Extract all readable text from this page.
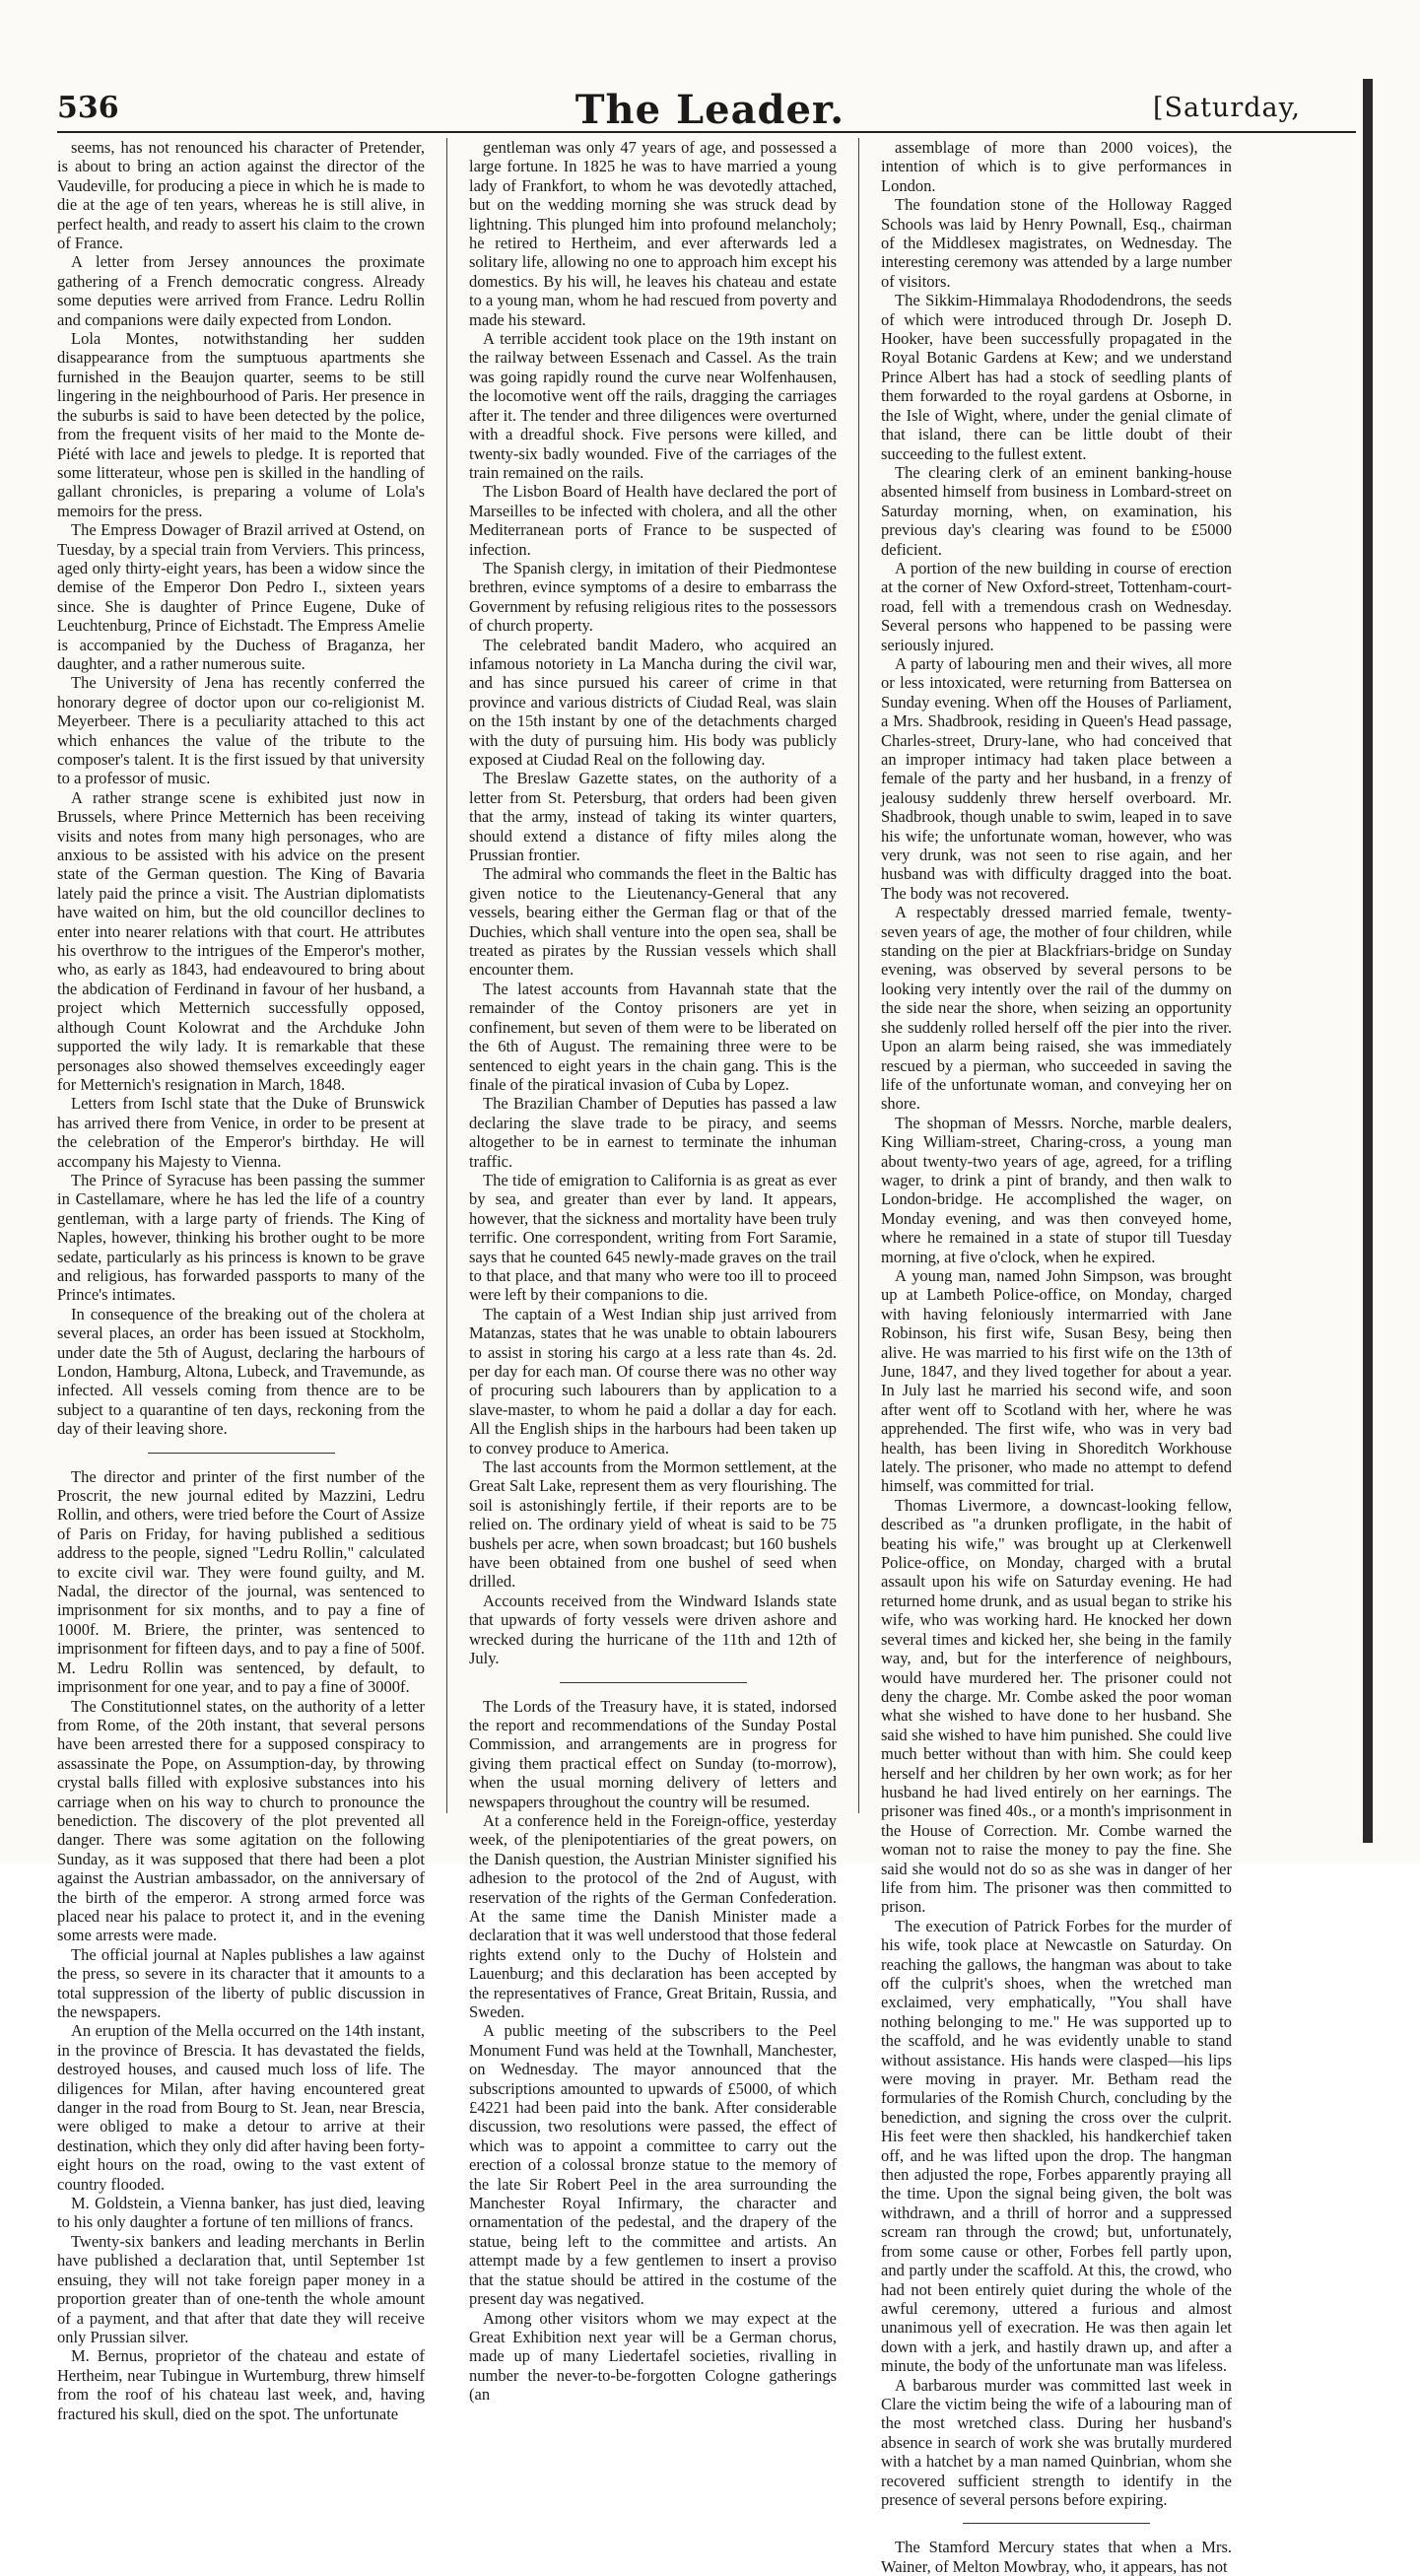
536	The Leader.	[Saturday,

seems, has not renounced his character of Pretender, is about to bring an action against the director of the Vaudeville, for producing a piece in which he is made to die at the age of ten years, whereas he is still alive, in perfect health, and ready to assert his claim to the crown of France.

A letter from Jersey announces the proximate gathering of a French democratic congress. Already some deputies were arrived from France. Ledru Rollin and companions were daily expected from London.

Lola Montes, notwithstanding her sudden disappearance from the sumptuous apartments she furnished in the Beaujon quarter, seems to be still lingering in the neighbourhood of Paris. Her presence in the suburbs is said to have been detected by the police, from the frequent visits of her maid to the Monte de-Piété with lace and jewels to pledge. It is reported that some litterateur, whose pen is skilled in the handling of gallant chronicles, is preparing a volume of Lola's memoirs for the press.

The Empress Dowager of Brazil arrived at Ostend, on Tuesday, by a special train from Verviers. This princess, aged only thirty-eight years, has been a widow since the demise of the Emperor Don Pedro I., sixteen years since. She is daughter of Prince Eugene, Duke of Leuchtenburg, Prince of Eichstadt. The Empress Amelie is accompanied by the Duchess of Braganza, her daughter, and a rather numerous suite.

The University of Jena has recently conferred the honorary degree of doctor upon our co-religionist M. Meyerbeer. There is a peculiarity attached to this act which enhances the value of the tribute to the composer's talent. It is the first issued by that university to a professor of music.

A rather strange scene is exhibited just now in Brussels, where Prince Metternich has been receiving visits and notes from many high personages, who are anxious to be assisted with his advice on the present state of the German question. The King of Bavaria lately paid the prince a visit. The Austrian diplomatists have waited on him, but the old councillor declines to enter into nearer relations with that court. He attributes his overthrow to the intrigues of the Emperor's mother, who, as early as 1843, had endeavoured to bring about the abdication of Ferdinand in favour of her husband, a project which Metternich successfully opposed, although Count Kolowrat and the Archduke John supported the wily lady. It is remarkable that these personages also showed themselves exceedingly eager for Metternich's resignation in March, 1848.

Letters from Ischl state that the Duke of Brunswick has arrived there from Venice, in order to be present at the celebration of the Emperor's birthday. He will accompany his Majesty to Vienna.

The Prince of Syracuse has been passing the summer in Castellamare, where he has led the life of a country gentleman, with a large party of friends. The King of Naples, however, thinking his brother ought to be more sedate, particularly as his princess is known to be grave and religious, has forwarded passports to many of the Prince's intimates.

In consequence of the breaking out of the cholera at several places, an order has been issued at Stockholm, under date the 5th of August, declaring the harbours of London, Hamburg, Altona, Lubeck, and Travemunde, as infected. All vessels coming from thence are to be subject to a quarantine of ten days, reckoning from the day of their leaving shore.

The director and printer of the first number of the Proscrit, the new journal edited by Mazzini, Ledru Rollin, and others, were tried before the Court of Assize of Paris on Friday, for having published a seditious address to the people, signed "Ledru Rollin," calculated to excite civil war. They were found guilty, and M. Nadal, the director of the journal, was sentenced to imprisonment for six months, and to pay a fine of 1000f. M. Briere, the printer, was sentenced to imprisonment for fifteen days, and to pay a fine of 500f. M. Ledru Rollin was sentenced, by default, to imprisonment for one year, and to pay a fine of 3000f.

The Constitutionnel states, on the authority of a letter from Rome, of the 20th instant, that several persons have been arrested there for a supposed conspiracy to assassinate the Pope, on Assumption-day, by throwing crystal balls filled with explosive substances into his carriage when on his way to church to pronounce the benediction. The discovery of the plot prevented all danger. There was some agitation on the following Sunday, as it was supposed that there had been a plot against the Austrian ambassador, on the anniversary of the birth of the emperor. A strong armed force was placed near his palace to protect it, and in the evening some arrests were made.

The official journal at Naples publishes a law against the press, so severe in its character that it amounts to a total suppression of the liberty of public discussion in the newspapers.

An eruption of the Mella occurred on the 14th instant, in the province of Brescia. It has devastated the fields, destroyed houses, and caused much loss of life. The diligences for Milan, after having encountered great danger in the road from Bourg to St. Jean, near Brescia, were obliged to make a detour to arrive at their destination, which they only did after having been forty-eight hours on the road, owing to the vast extent of country flooded.

M. Goldstein, a Vienna banker, has just died, leaving to his only daughter a fortune of ten millions of francs.

Twenty-six bankers and leading merchants in Berlin have published a declaration that, until September 1st ensuing, they will not take foreign paper money in a proportion greater than of one-tenth the whole amount of a payment, and that after that date they will receive only Prussian silver.

M. Bernus, proprietor of the chateau and estate of Hertheim, near Tubingue in Wurtemburg, threw himself from the roof of his chateau last week, and, having fractured his skull, died on the spot. The unfortunate

gentleman was only 47 years of age, and possessed a large fortune. In 1825 he was to have married a young lady of Frankfort, to whom he was devotedly attached, but on the wedding morning she was struck dead by lightning. This plunged him into profound melancholy; he retired to Hertheim, and ever afterwards led a solitary life, allowing no one to approach him except his domestics. By his will, he leaves his chateau and estate to a young man, whom he had rescued from poverty and made his steward.

A terrible accident took place on the 19th instant on the railway between Essenach and Cassel. As the train was going rapidly round the curve near Wolfenhausen, the locomotive went off the rails, dragging the carriages after it. The tender and three diligences were overturned with a dreadful shock. Five persons were killed, and twenty-six badly wounded. Five of the carriages of the train remained on the rails.

The Lisbon Board of Health have declared the port of Marseilles to be infected with cholera, and all the other Mediterranean ports of France to be suspected of infection.

The Spanish clergy, in imitation of their Piedmontese brethren, evince symptoms of a desire to embarrass the Government by refusing religious rites to the possessors of church property.

The celebrated bandit Madero, who acquired an infamous notoriety in La Mancha during the civil war, and has since pursued his career of crime in that province and various districts of Ciudad Real, was slain on the 15th instant by one of the detachments charged with the duty of pursuing him. His body was publicly exposed at Ciudad Real on the following day.

The Breslaw Gazette states, on the authority of a letter from St. Petersburg, that orders had been given that the army, instead of taking its winter quarters, should extend a distance of fifty miles along the Prussian frontier.

The admiral who commands the fleet in the Baltic has given notice to the Lieutenancy-General that any vessels, bearing either the German flag or that of the Duchies, which shall venture into the open sea, shall be treated as pirates by the Russian vessels which shall encounter them.

The latest accounts from Havannah state that the remainder of the Contoy prisoners are yet in confinement, but seven of them were to be liberated on the 6th of August. The remaining three were to be sentenced to eight years in the chain gang. This is the finale of the piratical invasion of Cuba by Lopez.

The Brazilian Chamber of Deputies has passed a law declaring the slave trade to be piracy, and seems altogether to be in earnest to terminate the inhuman traffic.

The tide of emigration to California is as great as ever by sea, and greater than ever by land. It appears, however, that the sickness and mortality have been truly terrific. One correspondent, writing from Fort Saramie, says that he counted 645 newly-made graves on the trail to that place, and that many who were too ill to proceed were left by their companions to die.

The captain of a West Indian ship just arrived from Matanzas, states that he was unable to obtain labourers to assist in storing his cargo at a less rate than 4s. 2d. per day for each man. Of course there was no other way of procuring such labourers than by application to a slave-master, to whom he paid a dollar a day for each. All the English ships in the harbours had been taken up to convey produce to America.

The last accounts from the Mormon settlement, at the Great Salt Lake, represent them as very flourishing. The soil is astonishingly fertile, if their reports are to be relied on. The ordinary yield of wheat is said to be 75 bushels per acre, when sown broadcast; but 160 bushels have been obtained from one bushel of seed when drilled.

Accounts received from the Windward Islands state that upwards of forty vessels were driven ashore and wrecked during the hurricane of the 11th and 12th of July.

The Lords of the Treasury have, it is stated, indorsed the report and recommendations of the Sunday Postal Commission, and arrangements are in progress for giving them practical effect on Sunday (to-morrow), when the usual morning delivery of letters and newspapers throughout the country will be resumed.

At a conference held in the Foreign-office, yesterday week, of the plenipotentiaries of the great powers, on the Danish question, the Austrian Minister signified his adhesion to the protocol of the 2nd of August, with reservation of the rights of the German Confederation. At the same time the Danish Minister made a declaration that it was well understood that those federal rights extend only to the Duchy of Holstein and Lauenburg; and this declaration has been accepted by the representatives of France, Great Britain, Russia, and Sweden.

A public meeting of the subscribers to the Peel Monument Fund was held at the Townhall, Manchester, on Wednesday. The mayor announced that the subscriptions amounted to upwards of £5000, of which £4221 had been paid into the bank. After considerable discussion, two resolutions were passed, the effect of which was to appoint a committee to carry out the erection of a colossal bronze statue to the memory of the late Sir Robert Peel in the area surrounding the Manchester Royal Infirmary, the character and ornamentation of the pedestal, and the drapery of the statue, being left to the committee and artists. An attempt made by a few gentlemen to insert a proviso that the statue should be attired in the costume of the present day was negatived.

Among other visitors whom we may expect at the Great Exhibition next year will be a German chorus, made up of many Liedertafel societies, rivalling in number the never-to-be-forgotten Cologne gatherings (an

assemblage of more than 2000 voices), the intention of which is to give performances in London.

The foundation stone of the Holloway Ragged Schools was laid by Henry Pownall, Esq., chairman of the Middlesex magistrates, on Wednesday. The interesting ceremony was attended by a large number of visitors.

The Sikkim-Himmalaya Rhododendrons, the seeds of which were introduced through Dr. Joseph D. Hooker, have been successfully propagated in the Royal Botanic Gardens at Kew; and we understand Prince Albert has had a stock of seedling plants of them forwarded to the royal gardens at Osborne, in the Isle of Wight, where, under the genial climate of that island, there can be little doubt of their succeeding to the fullest extent.

The clearing clerk of an eminent banking-house absented himself from business in Lombard-street on Saturday morning, when, on examination, his previous day's clearing was found to be £5000 deficient.

A portion of the new building in course of erection at the corner of New Oxford-street, Tottenham-court-road, fell with a tremendous crash on Wednesday. Several persons who happened to be passing were seriously injured.

A party of labouring men and their wives, all more or less intoxicated, were returning from Battersea on Sunday evening. When off the Houses of Parliament, a Mrs. Shadbrook, residing in Queen's Head passage, Charles-street, Drury-lane, who had conceived that an improper intimacy had taken place between a female of the party and her husband, in a frenzy of jealousy suddenly threw herself overboard. Mr. Shadbrook, though unable to swim, leaped in to save his wife; the unfortunate woman, however, who was very drunk, was not seen to rise again, and her husband was with difficulty dragged into the boat. The body was not recovered.

A respectably dressed married female, twenty-seven years of age, the mother of four children, while standing on the pier at Blackfriars-bridge on Sunday evening, was observed by several persons to be looking very intently over the rail of the dummy on the side near the shore, when seizing an opportunity she suddenly rolled herself off the pier into the river. Upon an alarm being raised, she was immediately rescued by a pierman, who succeeded in saving the life of the unfortunate woman, and conveying her on shore.

The shopman of Messrs. Norche, marble dealers, King William-street, Charing-cross, a young man about twenty-two years of age, agreed, for a trifling wager, to drink a pint of brandy, and then walk to London-bridge. He accomplished the wager, on Monday evening, and was then conveyed home, where he remained in a state of stupor till Tuesday morning, at five o'clock, when he expired.

A young man, named John Simpson, was brought up at Lambeth Police-office, on Monday, charged with having feloniously intermarried with Jane Robinson, his first wife, Susan Besy, being then alive. He was married to his first wife on the 13th of June, 1847, and they lived together for about a year. In July last he married his second wife, and soon after went off to Scotland with her, where he was apprehended. The first wife, who was in very bad health, has been living in Shoreditch Workhouse lately. The prisoner, who made no attempt to defend himself, was committed for trial.

Thomas Livermore, a downcast-looking fellow, described as "a drunken profligate, in the habit of beating his wife," was brought up at Clerkenwell Police-office, on Monday, charged with a brutal assault upon his wife on Saturday evening. He had returned home drunk, and as usual began to strike his wife, who was working hard. He knocked her down several times and kicked her, she being in the family way, and, but for the interference of neighbours, would have murdered her. The prisoner could not deny the charge. Mr. Combe asked the poor woman what she wished to have done to her husband. She said she wished to have him punished. She could live much better without than with him. She could keep herself and her children by her own work; as for her husband he had lived entirely on her earnings. The prisoner was fined 40s., or a month's imprisonment in the House of Correction. Mr. Combe warned the woman not to raise the money to pay the fine. She said she would not do so as she was in danger of her life from him. The prisoner was then committed to prison.

The execution of Patrick Forbes for the murder of his wife, took place at Newcastle on Saturday. On reaching the gallows, the hangman was about to take off the culprit's shoes, when the wretched man exclaimed, very emphatically, "You shall have nothing belonging to me." He was supported up to the scaffold, and he was evidently unable to stand without assistance. His hands were clasped—his lips were moving in prayer. Mr. Betham read the formularies of the Romish Church, concluding by the benediction, and signing the cross over the culprit. His feet were then shackled, his handkerchief taken off, and he was lifted upon the drop. The hangman then adjusted the rope, Forbes apparently praying all the time. Upon the signal being given, the bolt was withdrawn, and a thrill of horror and a suppressed scream ran through the crowd; but, unfortunately, from some cause or other, Forbes fell partly upon, and partly under the scaffold. At this, the crowd, who had not been entirely quiet during the whole of the awful ceremony, uttered a furious and almost unanimous yell of execration. He was then again let down with a jerk, and hastily drawn up, and after a minute, the body of the unfortunate man was lifeless.

A barbarous murder was committed last week in Clare the victim being the wife of a labouring man of the most wretched class. During her husband's absence in search of work she was brutally murdered with a hatchet by a man named Quinbrian, whom she recovered sufficient strength to identify in the presence of several persons before expiring.

The Stamford Mercury states that when a Mrs. Wainer, of Melton Mowbray, who, it appears, has not
